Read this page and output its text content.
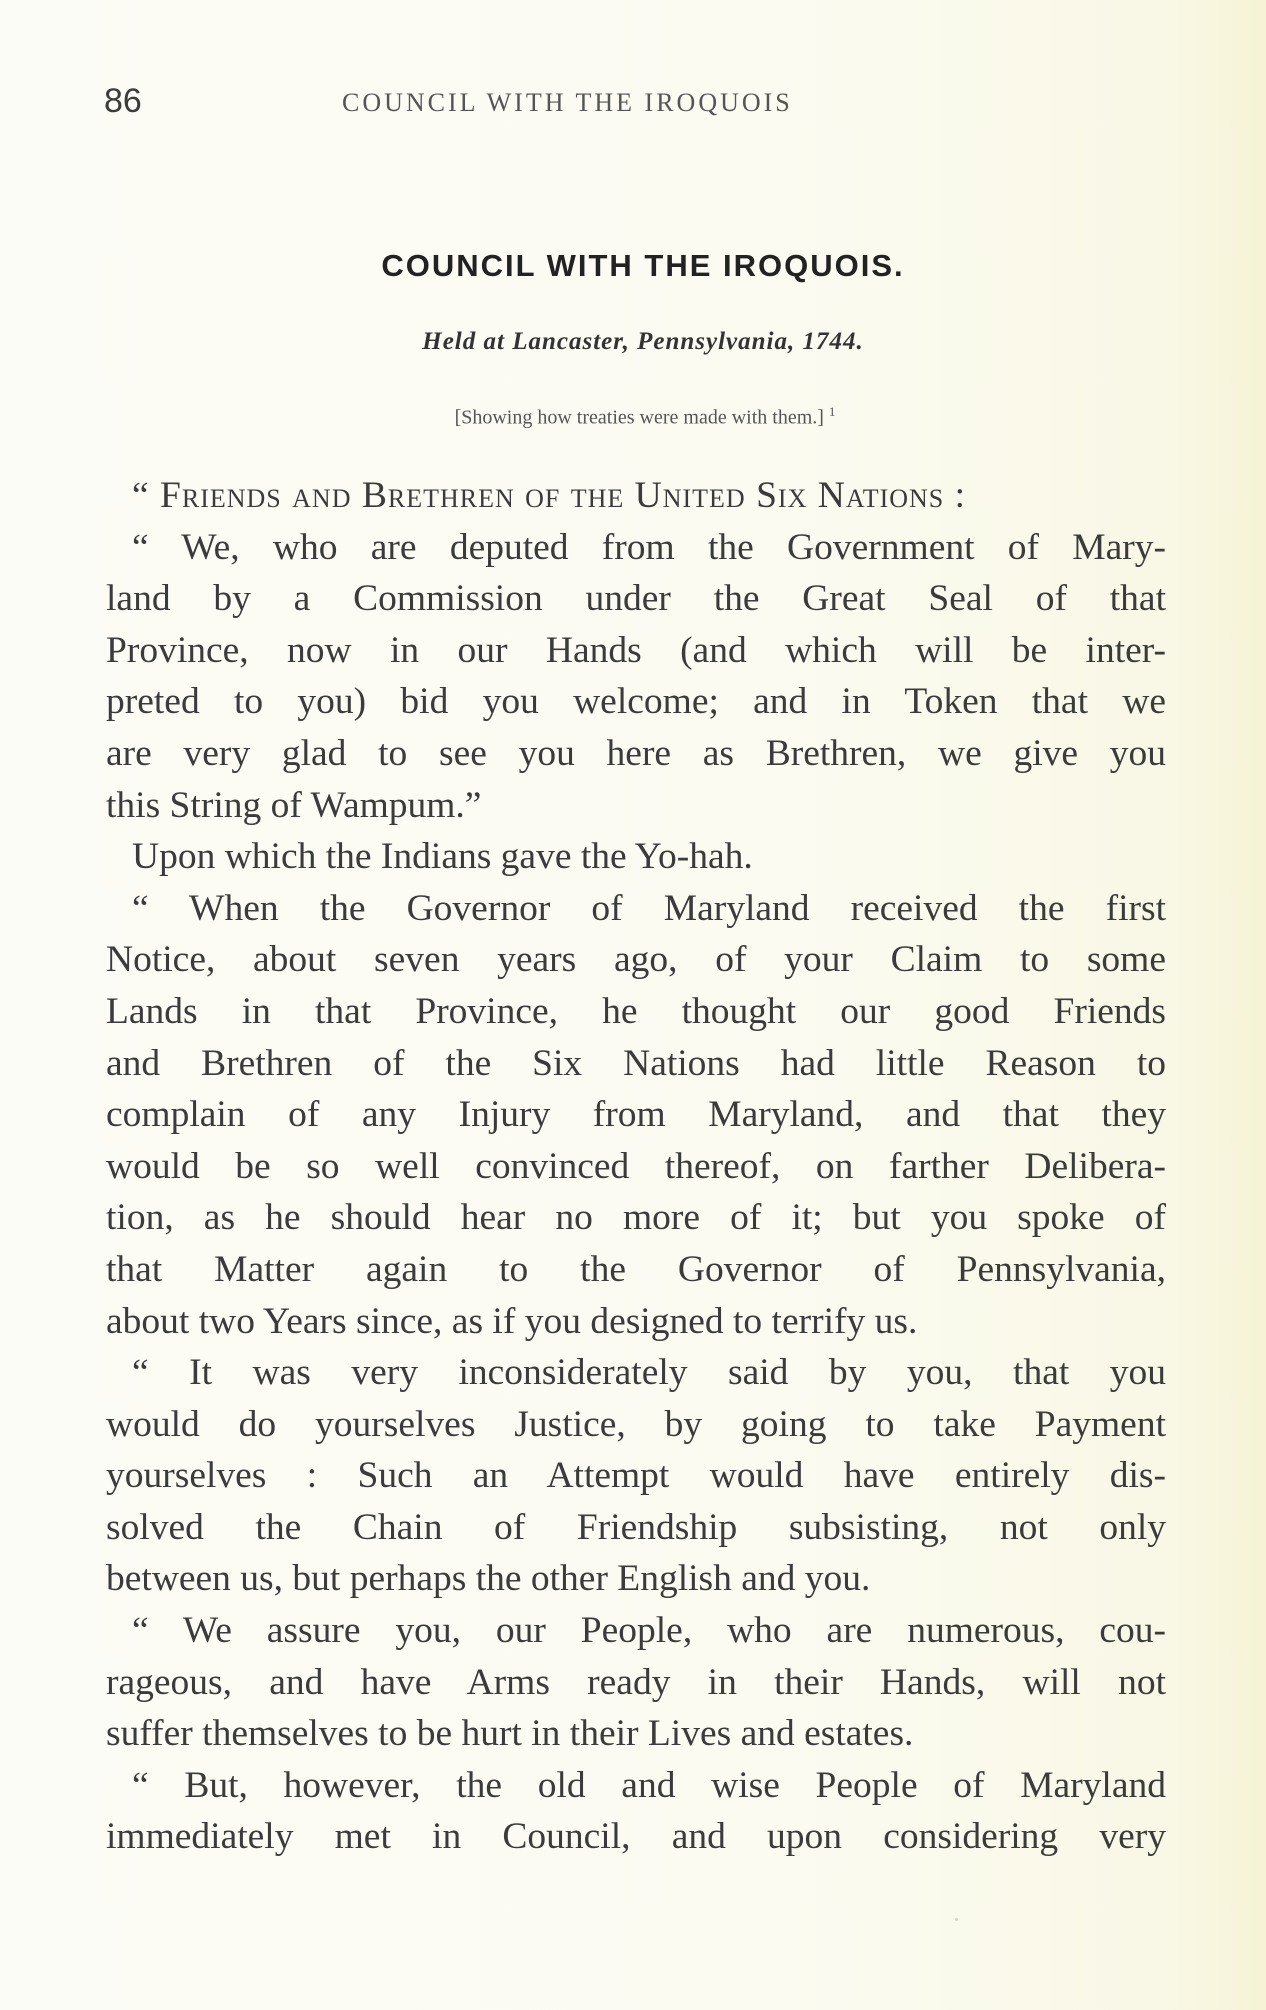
86	COUNCIL WITH THE IROQUOIS
COUNCIL WITH THE IROQUOIS.
Held at Lancaster, Pennsylvania, 1744.
[Showing how treaties were made with them.] $^1$
“ Friends and Brethren of the United Six Nations :
“ We, who are deputed from the Government of Mary-
land by a Commission under the Great Seal of that
Province, now in our Hands (and which will be inter-
preted to you) bid you welcome; and in Token that we
are very glad to see you here as Brethren, we give you
this String of Wampum.”
Upon which the Indians gave the Yo-hah.
“ When the Governor of Maryland received the first
Notice, about seven years ago, of your Claim to some
Lands in that Province, he thought our good Friends
and Brethren of the Six Nations had little Reason to
complain of any Injury from Maryland, and that they
would be so well convinced thereof, on farther Delibera-
tion, as he should hear no more of it; but you spoke of
that Matter again to the Governor of Pennsylvania,
about two Years since, as if you designed to terrify us.
“ It was very inconsiderately said by you, that you
would do yourselves Justice, by going to take Payment
yourselves : Such an Attempt would have entirely dis-
solved the Chain of Friendship subsisting, not only
between us, but perhaps the other English and you.
“ We assure you, our People, who are numerous, cou-
rageous, and have Arms ready in their Hands, will not
suffer themselves to be hurt in their Lives and estates.
“ But, however, the old and wise People of Maryland
immediately met in Council, and upon considering very
